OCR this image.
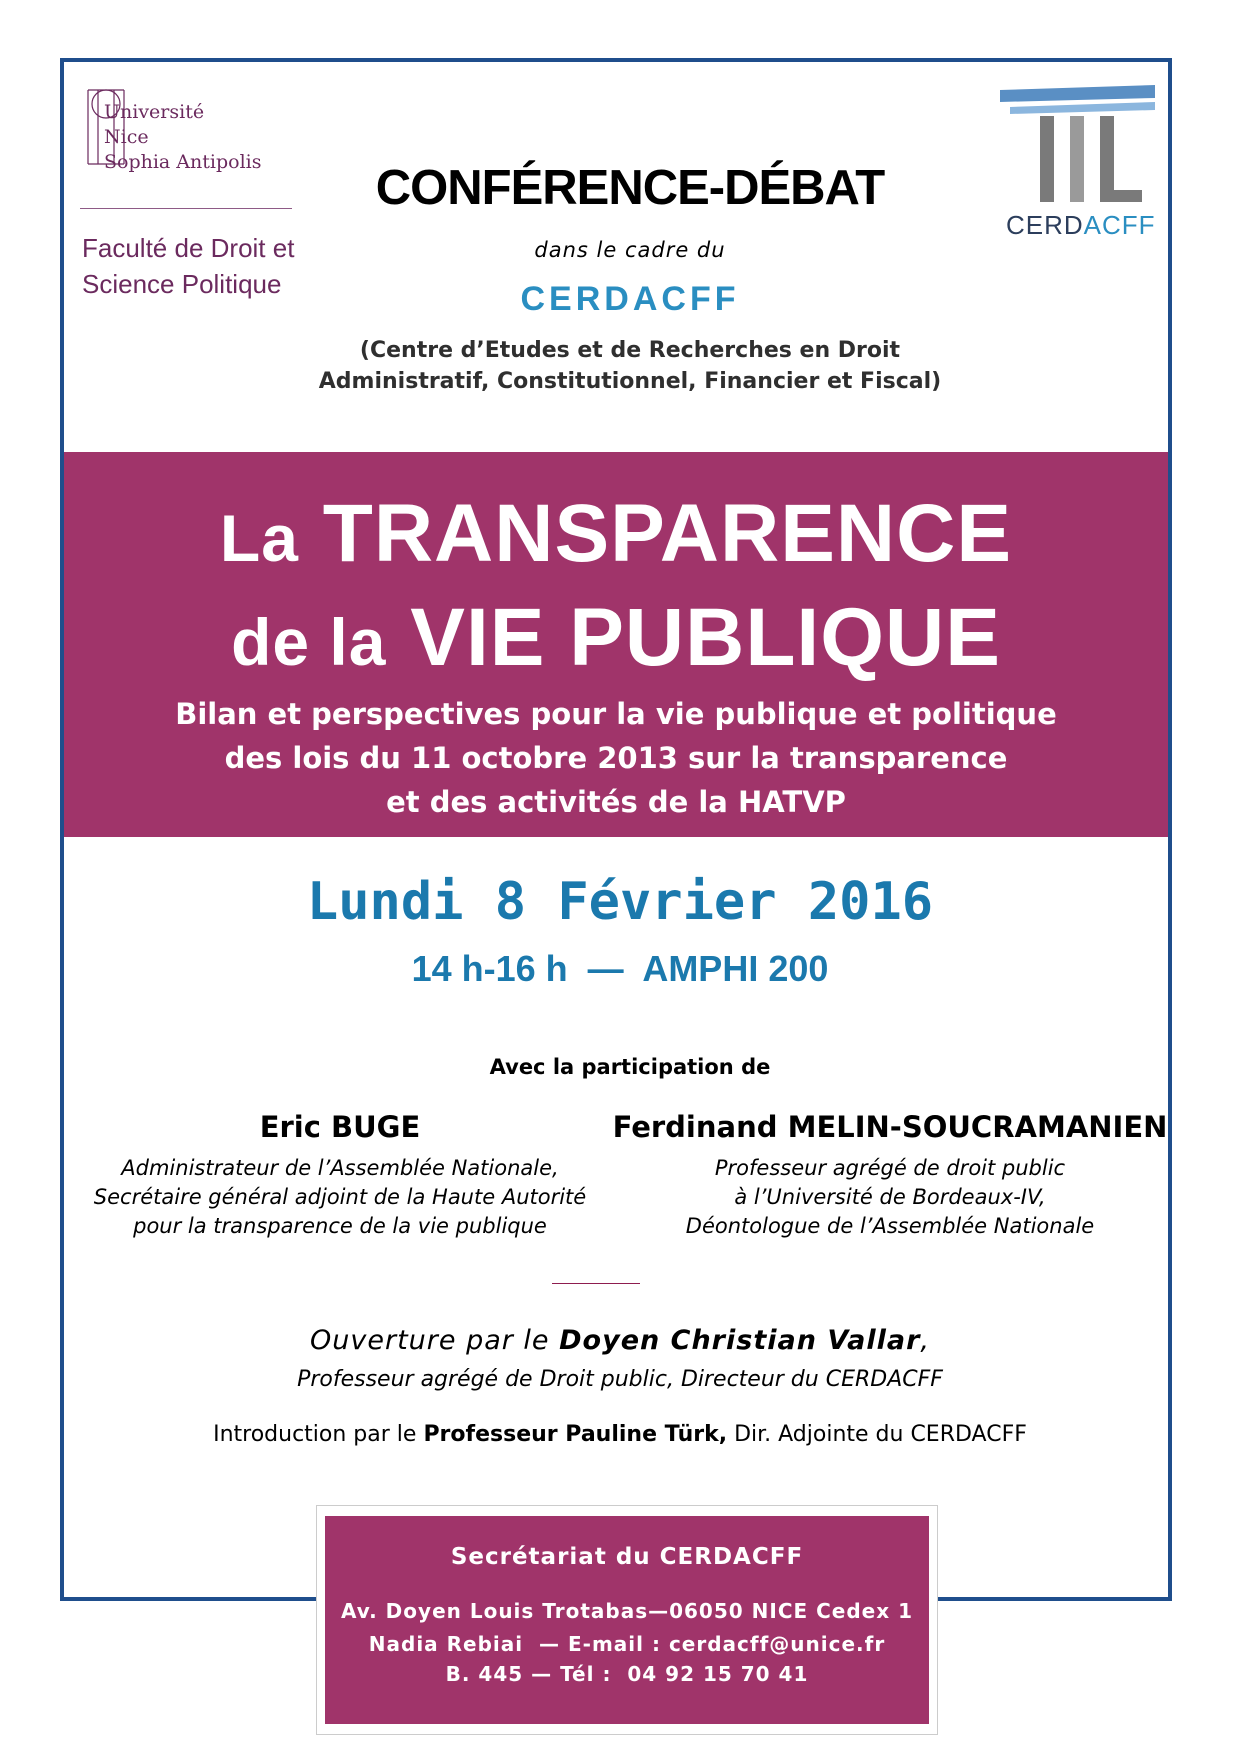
Université
Nice
Sophia Antipolis
Faculté de Droit et
Science Politique
CERDACFF
CONFÉRENCE-DÉBAT
dans le cadre du
CERDACFF
(Centre d’Etudes et de Recherches en Droit
Administratif, Constitutionnel, Financier et Fiscal)
La TRANSPARENCE
de la VIE PUBLIQUE
Bilan et perspectives pour la vie publique et politique
des lois du 11 octobre 2013 sur la transparence
et des activités de la HATVP
Lundi 8 Février 2016
14 h-16 h  —  AMPHI 200
Avec la participation de
Eric BUGE
Administrateur de l’Assemblée Nationale,
Secrétaire général adjoint de la Haute Autorité
pour la transparence de la vie publique
Ferdinand MELIN-SOUCRAMANIEN
Professeur agrégé de droit public
à l’Université de Bordeaux-IV,
Déontologue de l’Assemblée Nationale
Ouverture par le Doyen Christian Vallar,
Professeur agrégé de Droit public, Directeur du CERDACFF
Introduction par le Professeur Pauline Türk, Dir. Adjointe du CERDACFF
Secrétariat du CERDACFF
Av. Doyen Louis Trotabas—06050 NICE Cedex 1
Nadia Rebiai  — E-mail : cerdacff@unice.fr
B. 445 — Tél :  04 92 15 70 41
